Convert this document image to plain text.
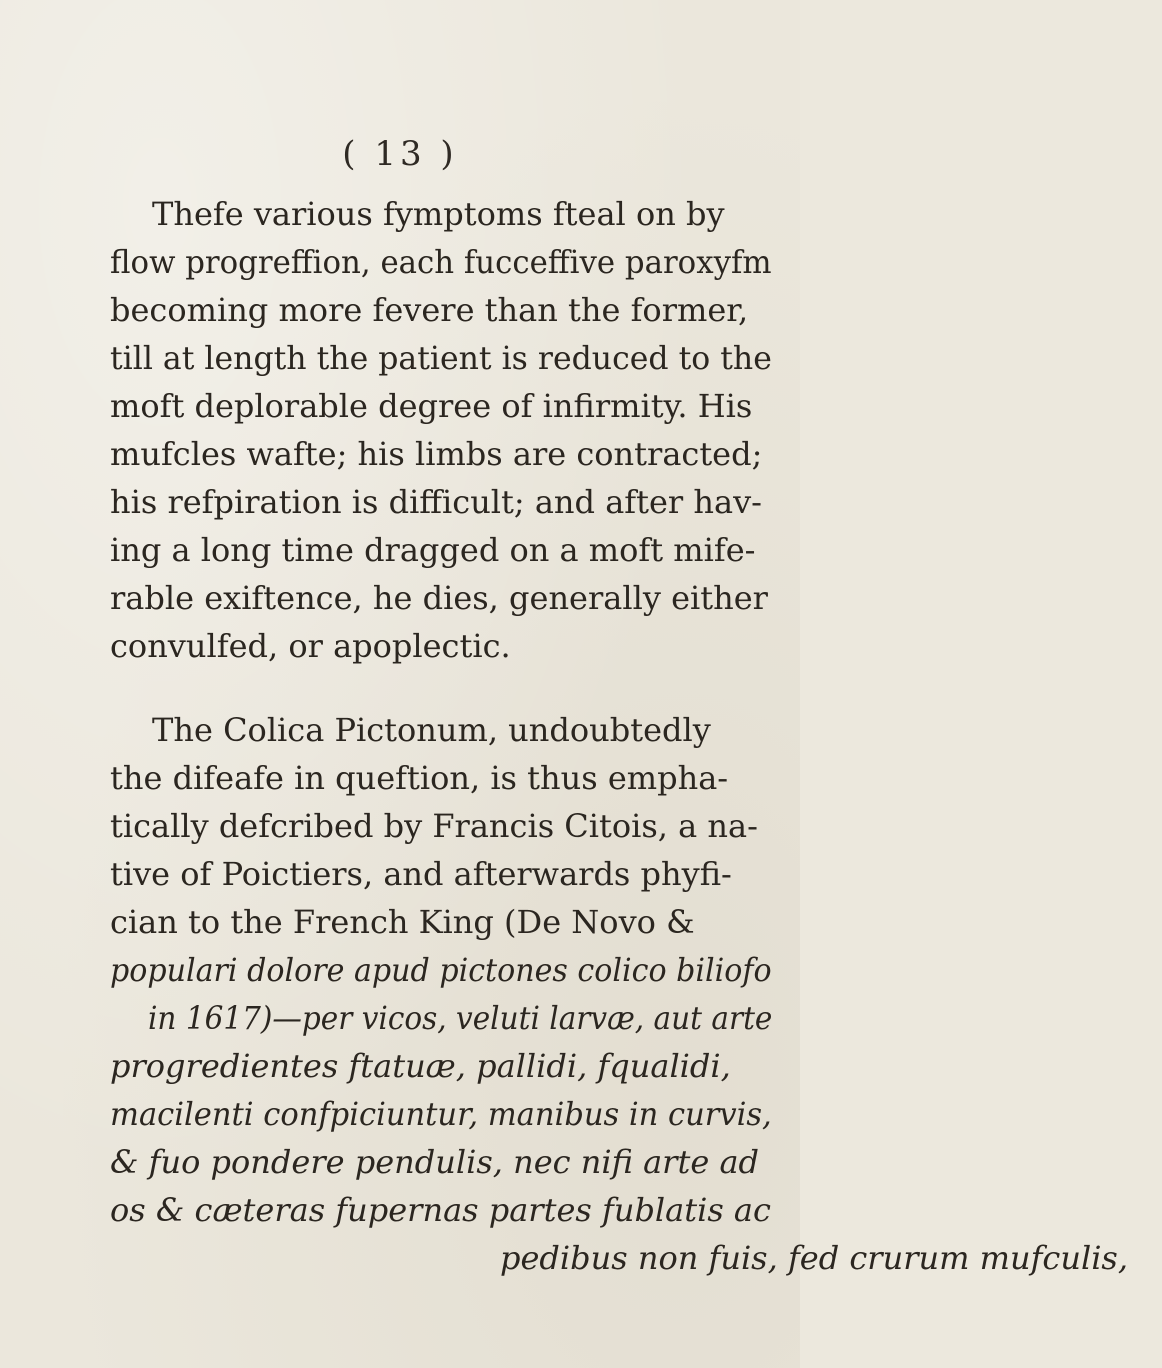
( 13 )
Thefe various fymptoms fteal on by
flow progreffion, each fucceffive paroxyfm
becoming more fevere than the former,
till at length the patient is reduced to the
moft deplorable degree of infirmity. His
mufcles wafte; his limbs are contracted;
his refpiration is difficult; and after hav-
ing a long time dragged on a moft mife-
rable exiftence, he dies, generally either
convulfed, or apoplectic.
The Colica Pictonum, undoubtedly
the difeafe in queftion, is thus empha-
tically defcribed by Francis Citois, a na-
tive of Poictiers, and afterwards phyfi-
cian to the French King (De Novo &
populari dolore apud pictones colico biliofo
in 1617)—per vicos, veluti larvæ, aut arte
progredientes ftatuæ, pallidi, fqualidi,
macilenti confpiciuntur, manibus in curvis,
& fuo pondere pendulis, nec nifi arte ad
os & cæteras fupernas partes fublatis ac
pedibus non fuis, fed crurum mufculis,
